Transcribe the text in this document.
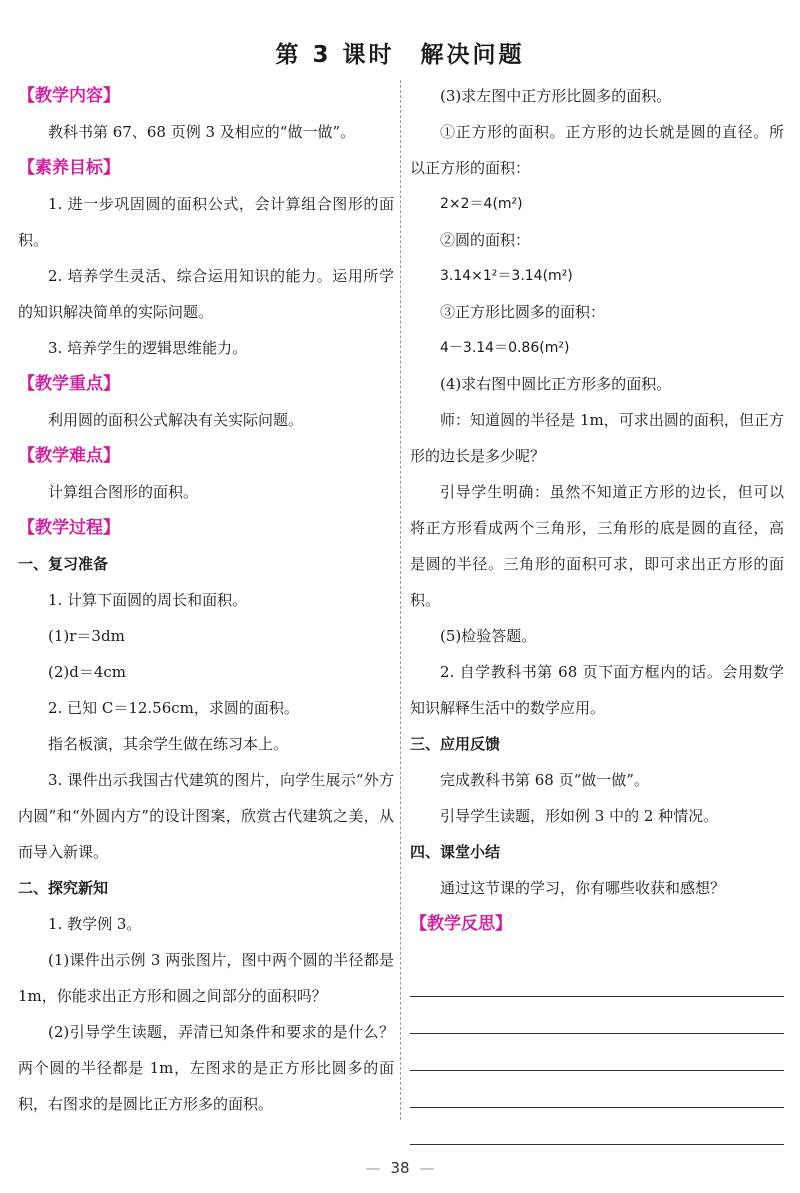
第 3 课时　解决问题
【教学内容】
教科书第 67、68 页例 3 及相应的“做一做”。
【素养目标】
1. 进一步巩固圆的面积公式，会计算组合图形的面积。
2. 培养学生灵活、综合运用知识的能力。运用所学的知识解决简单的实际问题。
3. 培养学生的逻辑思维能力。
【教学重点】
利用圆的面积公式解决有关实际问题。
【教学难点】
计算组合图形的面积。
【教学过程】
一、复习准备
1. 计算下面圆的周长和面积。
(1)r＝3dm
(2)d＝4cm
2. 已知 C＝12.56cm，求圆的面积。
指名板演，其余学生做在练习本上。
3. 课件出示我国古代建筑的图片，向学生展示“外方内圆”和“外圆内方”的设计图案，欣赏古代建筑之美，从而导入新课。
二、探究新知
1. 教学例 3。
(1)课件出示例 3 两张图片，图中两个圆的半径都是 1m，你能求出正方形和圆之间部分的面积吗？
(2)引导学生读题，弄清已知条件和要求的是什么？两个圆的半径都是 1m，左图求的是正方形比圆多的面积，右图求的是圆比正方形多的面积。
(3)求左图中正方形比圆多的面积。
①正方形的面积。正方形的边长就是圆的直径。所以正方形的面积：
2×2＝4(m²)
②圆的面积：
3.14×1²＝3.14(m²)
③正方形比圆多的面积：
4－3.14＝0.86(m²)
(4)求右图中圆比正方形多的面积。
师：知道圆的半径是 1m，可求出圆的面积，但正方形的边长是多少呢？
引导学生明确：虽然不知道正方形的边长，但可以将正方形看成两个三角形，三角形的底是圆的直径，高是圆的半径。三角形的面积可求，即可求出正方形的面积。
(5)检验答题。
2. 自学教科书第 68 页下面方框内的话。会用数学知识解释生活中的数学应用。
三、应用反馈
完成教科书第 68 页“做一做”。
引导学生读题，形如例 3 中的 2 种情况。
四、课堂小结
通过这节课的学习，你有哪些收获和感想？
【教学反思】
— 38 —
